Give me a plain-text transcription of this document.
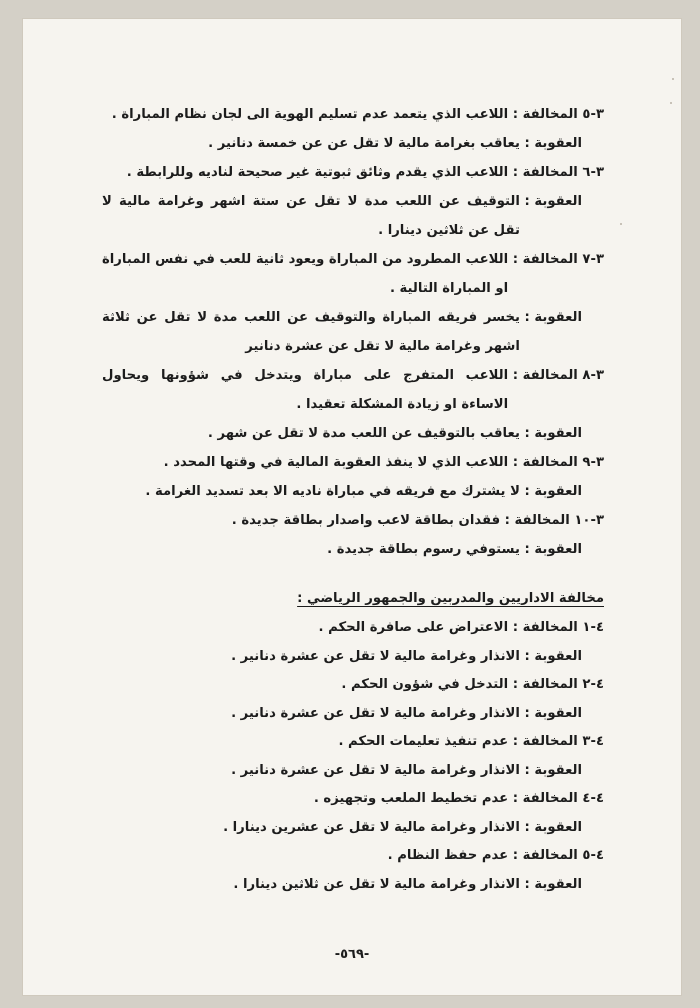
٣-٥

المخالفة :

اللاعب الذي يتعمد عدم تسليم الهوية الى لجان نظام المباراة .
العقوبة :

يعاقب بغرامة مالية لا تقل عن عن خمسة دنانير .
٣-٦

المخالفة :

اللاعب الذي يقدم وثائق ثبوتية غير صحيحة لناديه وللرابطة .
العقوبة :

التوقيف عن اللعب مدة لا تقل عن ستة اشهر وغرامة مالية لا تقل عن ثلاثين دينارا .
٣-٧

المخالفة :

اللاعب المطرود من المباراة ويعود ثانية للعب في نفس المباراة او المباراة التالية .
العقوبة :

يخسر فريقه المباراة والتوقيف عن اللعب مدة لا تقل عن ثلاثة اشهر وغرامة مالية لا تقل عن عشرة دنانير
٣-٨

المخالفة :

اللاعب المتفرج على مباراة ويتدخل في شؤونها ويحاول الاساءة او زيادة المشكلة تعقيدا .
العقوبة :

يعاقب بالتوقيف عن اللعب مدة لا تقل عن شهر .
٣-٩

المخالفة :

اللاعب الذي لا ينفذ العقوبة المالية في وقتها المحدد .
العقوبة :

لا يشترك مع فريقه في مباراة ناديه الا بعد تسديد الغرامة .
٣-١٠

المخالفة :

فقدان بطاقة لاعب واصدار بطاقة جديدة .
العقوبة :

يستوفي رسوم بطاقة جديدة .
مخالفة الاداريين والمدربين والجمهور الرياضي :
٤-١

المخالفة :

الاعتراض على صافرة الحكم .
العقوبة : الانذار وغرامة مالية لا تقل عن عشرة دنانير .
٤-٢

المخالفة :

التدخل في شؤون الحكم .
العقوبة : الانذار وغرامة مالية لا تقل عن عشرة دنانير .
٤-٣

المخالفة :

عدم تنفيذ تعليمات الحكم .
العقوبة : الانذار وغرامة مالية لا تقل عن عشرة دنانير .
٤-٤

المخالفة :

عدم تخطيط الملعب وتجهيزه .
العقوبة : الانذار وغرامة مالية لا تقل عن عشرين دينارا .
٤-٥

المخالفة :

عدم حفظ النظام .
العقوبة : الانذار وغرامة مالية لا تقل عن ثلاثين دينارا .
-٥٦٩-
